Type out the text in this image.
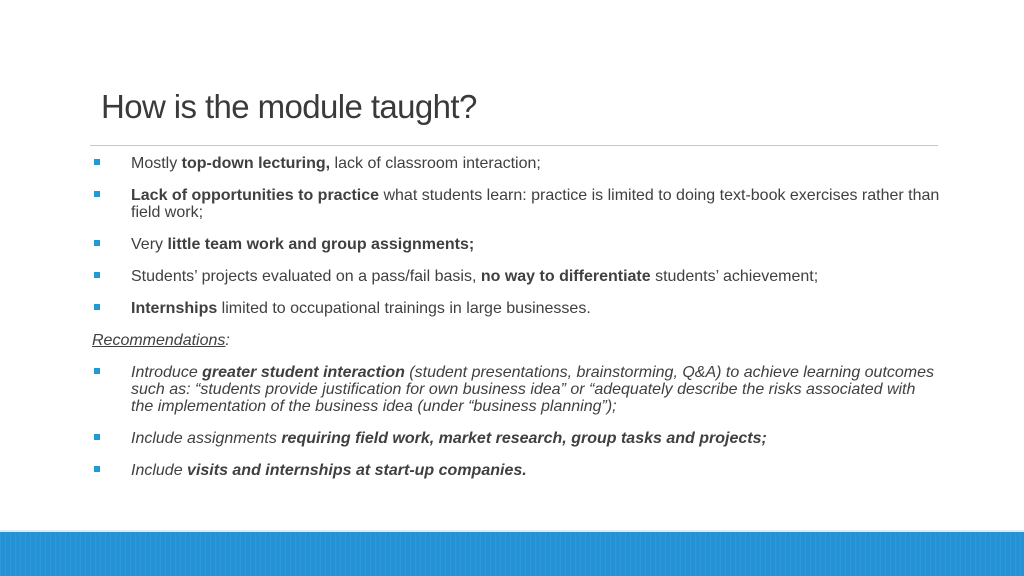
How is the module taught?
Mostly top-down lecturing, lack of classroom interaction;
Lack of opportunities to practice what students learn: practice is limited to doing text-book exercises rather than field work;
Very little team work and group assignments;
Students’ projects evaluated on a pass/fail basis, no way to differentiate students’ achievement;
Internships limited to occupational trainings in large businesses.
Recommendations:
Introduce greater student interaction (student presentations, brainstorming, Q&A) to achieve learning outcomes such as: “students provide justification for own business idea” or “adequately describe the risks associated with the implementation of the business idea (under “business planning”);
Include assignments requiring field work, market research, group tasks and projects;
Include visits and internships at start-up companies.
